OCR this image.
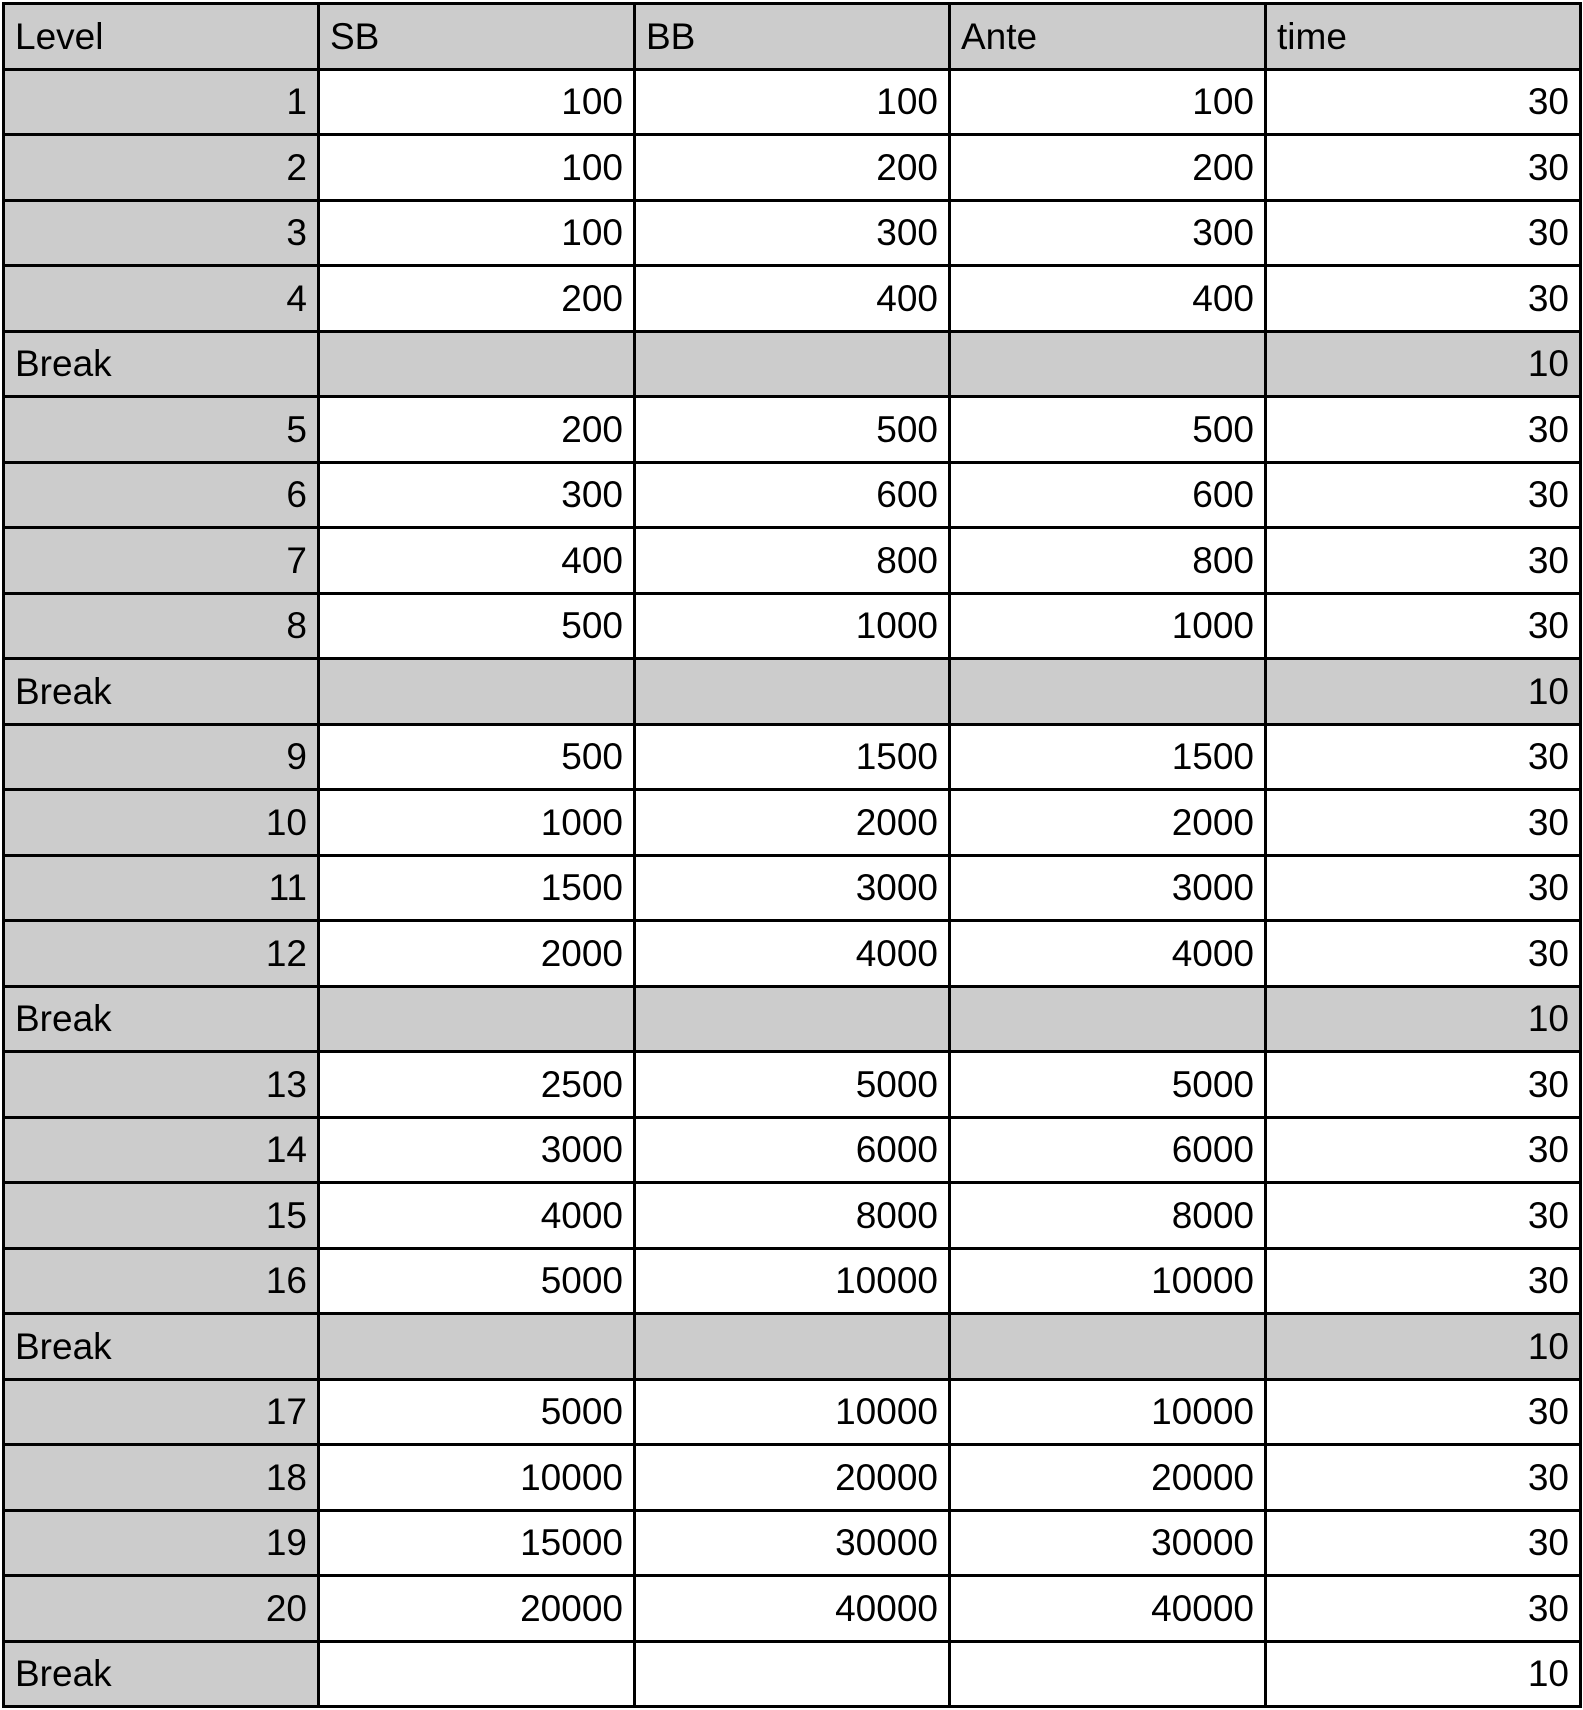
Level	SB	BB	Ante	time
1	100	100	100	30
2	100	200	200	30
3	100	300	300	30
4	200	400	400	30
Break				10
5	200	500	500	30
6	300	600	600	30
7	400	800	800	30
8	500	1000	1000	30
Break				10
9	500	1500	1500	30
10	1000	2000	2000	30
11	1500	3000	3000	30
12	2000	4000	4000	30
Break				10
13	2500	5000	5000	30
14	3000	6000	6000	30
15	4000	8000	8000	30
16	5000	10000	10000	30
Break				10
17	5000	10000	10000	30
18	10000	20000	20000	30
19	15000	30000	30000	30
20	20000	40000	40000	30
Break				10
